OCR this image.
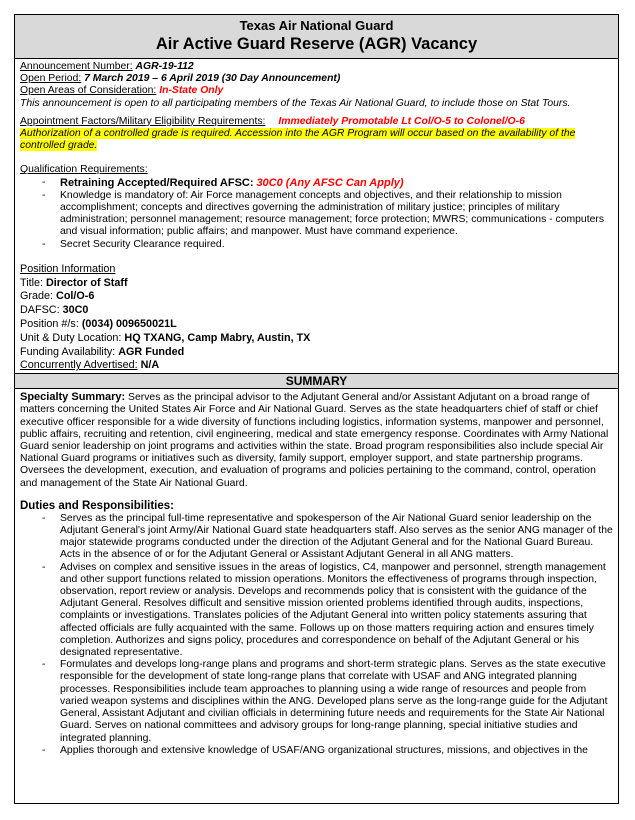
Texas Air National Guard
Air Active Guard Reserve (AGR) Vacancy
Announcement Number: AGR-19-112
Open Period: 7 March 2019 – 6 April 2019 (30 Day Announcement)
Open Areas of Consideration: In-State Only
This announcement is open to all participating members of the Texas Air National Guard, to include those on Stat Tours.
Appointment Factors/Military Eligibility Requirements: Immediately Promotable Lt Col/O-5 to Colonel/O-6
Authorization of a controlled grade is required. Accession into the AGR Program will occur based on the availability of the controlled grade.
Qualification Requirements:
- Retraining Accepted/Required AFSC: 30C0 (Any AFSC Can Apply)
- Knowledge is mandatory of: Air Force management concepts and objectives, and their relationship to mission accomplishment; concepts and directives governing the administration of military justice; principles of military administration; personnel management; resource management; force protection; MWRS; communications - computers and visual information; public affairs; and manpower. Must have command experience.
- Secret Security Clearance required.
Position Information
Title: Director of Staff
Grade: Col/O-6
DAFSC: 30C0
Position #/s: (0034) 009650021L
Unit & Duty Location: HQ TXANG, Camp Mabry, Austin, TX
Funding Availability: AGR Funded
Concurrently Advertised: N/A
SUMMARY
Specialty Summary: Serves as the principal advisor to the Adjutant General and/or Assistant Adjutant on a broad range of matters concerning the United States Air Force and Air National Guard. Serves as the state headquarters chief of staff or chief executive officer responsible for a wide diversity of functions including logistics, information systems, manpower and personnel, public affairs, recruiting and retention, civil engineering, medical and state emergency response. Coordinates with Army National Guard senior leadership on joint programs and activities within the state. Broad program responsibilities also include special Air National Guard programs or initiatives such as diversity, family support, employer support, and state partnership programs. Oversees the development, execution, and evaluation of programs and policies pertaining to the command, control, operation and management of the State Air National Guard.
Duties and Responsibilities:
- Serves as the principal full-time representative and spokesperson of the Air National Guard senior leadership on the Adjutant General's joint Army/Air National Guard state headquarters staff. Also serves as the senior ANG manager of the major statewide programs conducted under the direction of the Adjutant General and for the National Guard Bureau. Acts in the absence of or for the Adjutant General or Assistant Adjutant General in all ANG matters.
- Advises on complex and sensitive issues in the areas of logistics, C4, manpower and personnel, strength management and other support functions related to mission operations. Monitors the effectiveness of programs through inspection, observation, report review or analysis. Develops and recommends policy that is consistent with the guidance of the Adjutant General. Resolves difficult and sensitive mission oriented problems identified through audits, inspections, complaints or investigations. Translates policies of the Adjutant General into written policy statements assuring that affected officials are fully acquainted with the same. Follows up on those matters requiring action and ensures timely completion. Authorizes and signs policy, procedures and correspondence on behalf of the Adjutant General or his designated representative.
- Formulates and develops long-range plans and programs and short-term strategic plans. Serves as the state executive responsible for the development of state long-range plans that correlate with USAF and ANG integrated planning processes. Responsibilities include team approaches to planning using a wide range of resources and people from varied weapon systems and disciplines within the ANG. Developed plans serve as the long-range guide for the Adjutant General, Assistant Adjutant and civilian officials in determining future needs and requirements for the State Air National Guard. Serves on national committees and advisory groups for long-range planning, special initiative studies and integrated planning.
- Applies thorough and extensive knowledge of USAF/ANG organizational structures, missions, and objectives in the
